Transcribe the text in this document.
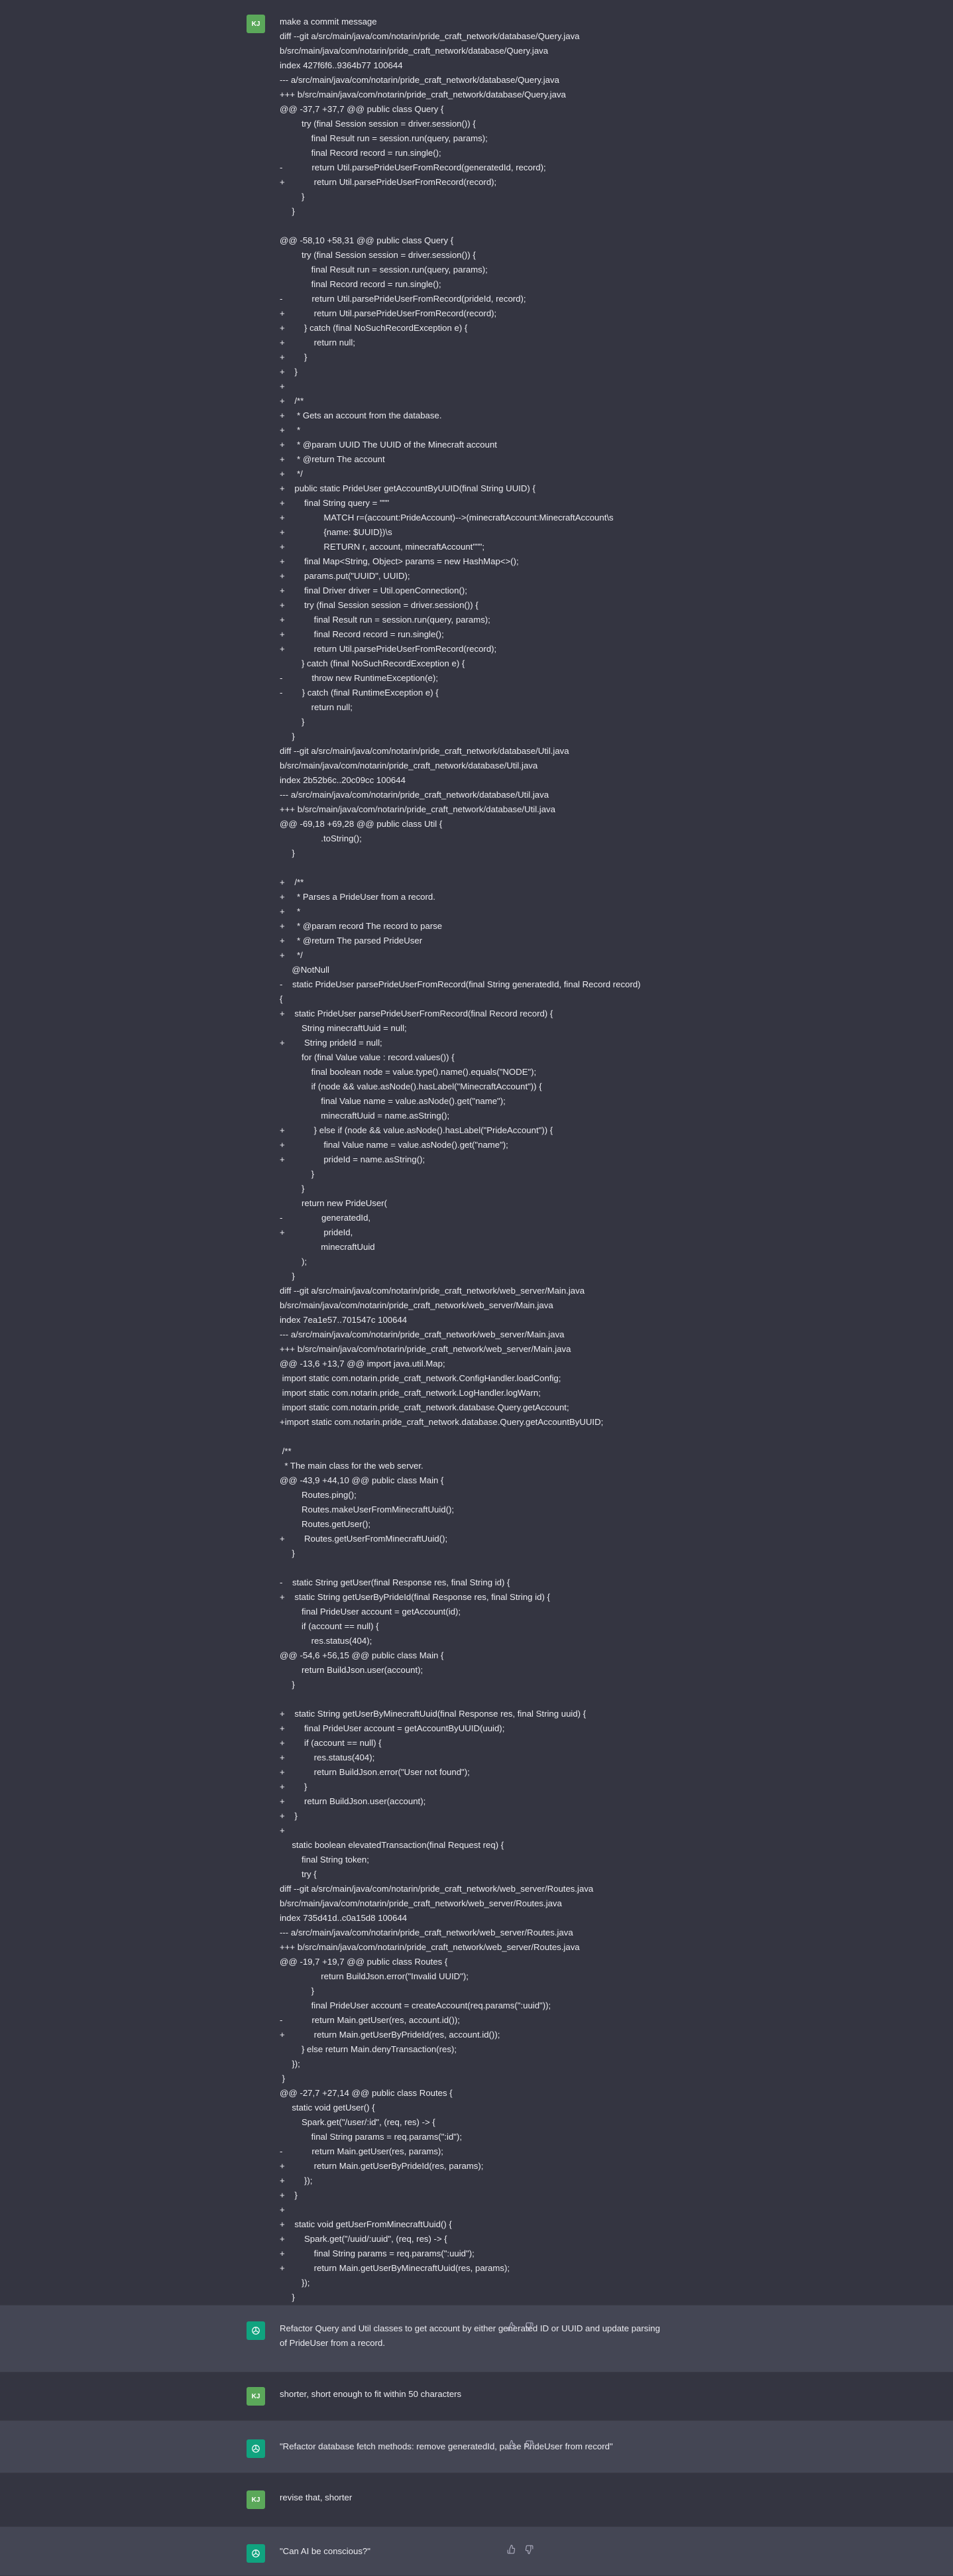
KJ	make a commit message
diff --git a/src/main/java/com/notarin/pride_craft_network/database/Query.java
b/src/main/java/com/notarin/pride_craft_network/database/Query.java
index 427f6f6..9364b77 100644
--- a/src/main/java/com/notarin/pride_craft_network/database/Query.java
+++ b/src/main/java/com/notarin/pride_craft_network/database/Query.java
@@ -37,7 +37,7 @@ public class Query {
try (final Session session = driver.session()) {
final Result run = session.run(query, params);
final Record record = run.single();
-            return Util.parsePrideUserFromRecord(generatedId, record);
+            return Util.parsePrideUserFromRecord(record);
}
}

@@ -58,10 +58,31 @@ public class Query {
try (final Session session = driver.session()) {
final Result run = session.run(query, params);
final Record record = run.single();
-            return Util.parsePrideUserFromRecord(prideId, record);
+            return Util.parsePrideUserFromRecord(record);
+        } catch (final NoSuchRecordException e) {
+            return null;
+        }
+    }
+
+    /**
+     * Gets an account from the database.
+     *
+     * @param UUID The UUID of the Minecraft account
+     * @return The account
+     */
+    public static PrideUser getAccountByUUID(final String UUID) {
+        final String query = """
+                MATCH r=(account:PrideAccount)-->(minecraftAccount:MinecraftAccount\s
+                {name: $UUID})\s
+                RETURN r, account, minecraftAccount""";
+        final Map<String, Object> params = new HashMap<>();
+        params.put("UUID", UUID);
+        final Driver driver = Util.openConnection();
+        try (final Session session = driver.session()) {
+            final Result run = session.run(query, params);
+            final Record record = run.single();
+            return Util.parsePrideUserFromRecord(record);
} catch (final NoSuchRecordException e) {
-            throw new RuntimeException(e);
-        } catch (final RuntimeException e) {
return null;
}
}
diff --git a/src/main/java/com/notarin/pride_craft_network/database/Util.java
b/src/main/java/com/notarin/pride_craft_network/database/Util.java
index 2b52b6c..20c09cc 100644
--- a/src/main/java/com/notarin/pride_craft_network/database/Util.java
+++ b/src/main/java/com/notarin/pride_craft_network/database/Util.java
@@ -69,18 +69,28 @@ public class Util {
.toString();
}

+    /**
+     * Parses a PrideUser from a record.
+     *
+     * @param record The record to parse
+     * @return The parsed PrideUser
+     */
@NotNull
-    static PrideUser parsePrideUserFromRecord(final String generatedId, final Record record)
{
+    static PrideUser parsePrideUserFromRecord(final Record record) {
String minecraftUuid = null;
+        String prideId = null;
for (final Value value : record.values()) {
final boolean node = value.type().name().equals("NODE");
if (node && value.asNode().hasLabel("MinecraftAccount")) {
final Value name = value.asNode().get("name");
minecraftUuid = name.asString();
+            } else if (node && value.asNode().hasLabel("PrideAccount")) {
+                final Value name = value.asNode().get("name");
+                prideId = name.asString();
}
}
return new PrideUser(
-                generatedId,
+                prideId,
minecraftUuid
);
}
diff --git a/src/main/java/com/notarin/pride_craft_network/web_server/Main.java
b/src/main/java/com/notarin/pride_craft_network/web_server/Main.java
index 7ea1e57..701547c 100644
--- a/src/main/java/com/notarin/pride_craft_network/web_server/Main.java
+++ b/src/main/java/com/notarin/pride_craft_network/web_server/Main.java
@@ -13,6 +13,7 @@ import java.util.Map;
import static com.notarin.pride_craft_network.ConfigHandler.loadConfig;
import static com.notarin.pride_craft_network.LogHandler.logWarn;
import static com.notarin.pride_craft_network.database.Query.getAccount;
+import static com.notarin.pride_craft_network.database.Query.getAccountByUUID;

/**
* The main class for the web server.
@@ -43,9 +44,10 @@ public class Main {
Routes.ping();
Routes.makeUserFromMinecraftUuid();
Routes.getUser();
+        Routes.getUserFromMinecraftUuid();
}

-    static String getUser(final Response res, final String id) {
+    static String getUserByPrideId(final Response res, final String id) {
final PrideUser account = getAccount(id);
if (account == null) {
res.status(404);
@@ -54,6 +56,15 @@ public class Main {
return BuildJson.user(account);
}

+    static String getUserByMinecraftUuid(final Response res, final String uuid) {
+        final PrideUser account = getAccountByUUID(uuid);
+        if (account == null) {
+            res.status(404);
+            return BuildJson.error("User not found");
+        }
+        return BuildJson.user(account);
+    }
+
static boolean elevatedTransaction(final Request req) {
final String token;
try {
diff --git a/src/main/java/com/notarin/pride_craft_network/web_server/Routes.java
b/src/main/java/com/notarin/pride_craft_network/web_server/Routes.java
index 735d41d..c0a15d8 100644
--- a/src/main/java/com/notarin/pride_craft_network/web_server/Routes.java
+++ b/src/main/java/com/notarin/pride_craft_network/web_server/Routes.java
@@ -19,7 +19,7 @@ public class Routes {
return BuildJson.error("Invalid UUID");
}
final PrideUser account = createAccount(req.params(":uuid"));
-            return Main.getUser(res, account.id());
+            return Main.getUserByPrideId(res, account.id());
} else return Main.denyTransaction(res);
});
}
@@ -27,7 +27,14 @@ public class Routes {
static void getUser() {
Spark.get("/user/:id", (req, res) -> {
final String params = req.params(":id");
-            return Main.getUser(res, params);
+            return Main.getUserByPrideId(res, params);
+        });
+    }
+
+    static void getUserFromMinecraftUuid() {
+        Spark.get("/uuid/:uuid", (req, res) -> {
+            final String params = req.params(":uuid");
+            return Main.getUserByMinecraftUuid(res, params);
});
}
Refactor Query and Util classes to get account by either generated ID or UUID and update parsing of PrideUser from a record.
KJ	shorter, short enough to fit within 50 characters
"Refactor database fetch methods: remove generatedId, parse PrideUser from record"
KJ	revise that, shorter
"Can AI be conscious?"
